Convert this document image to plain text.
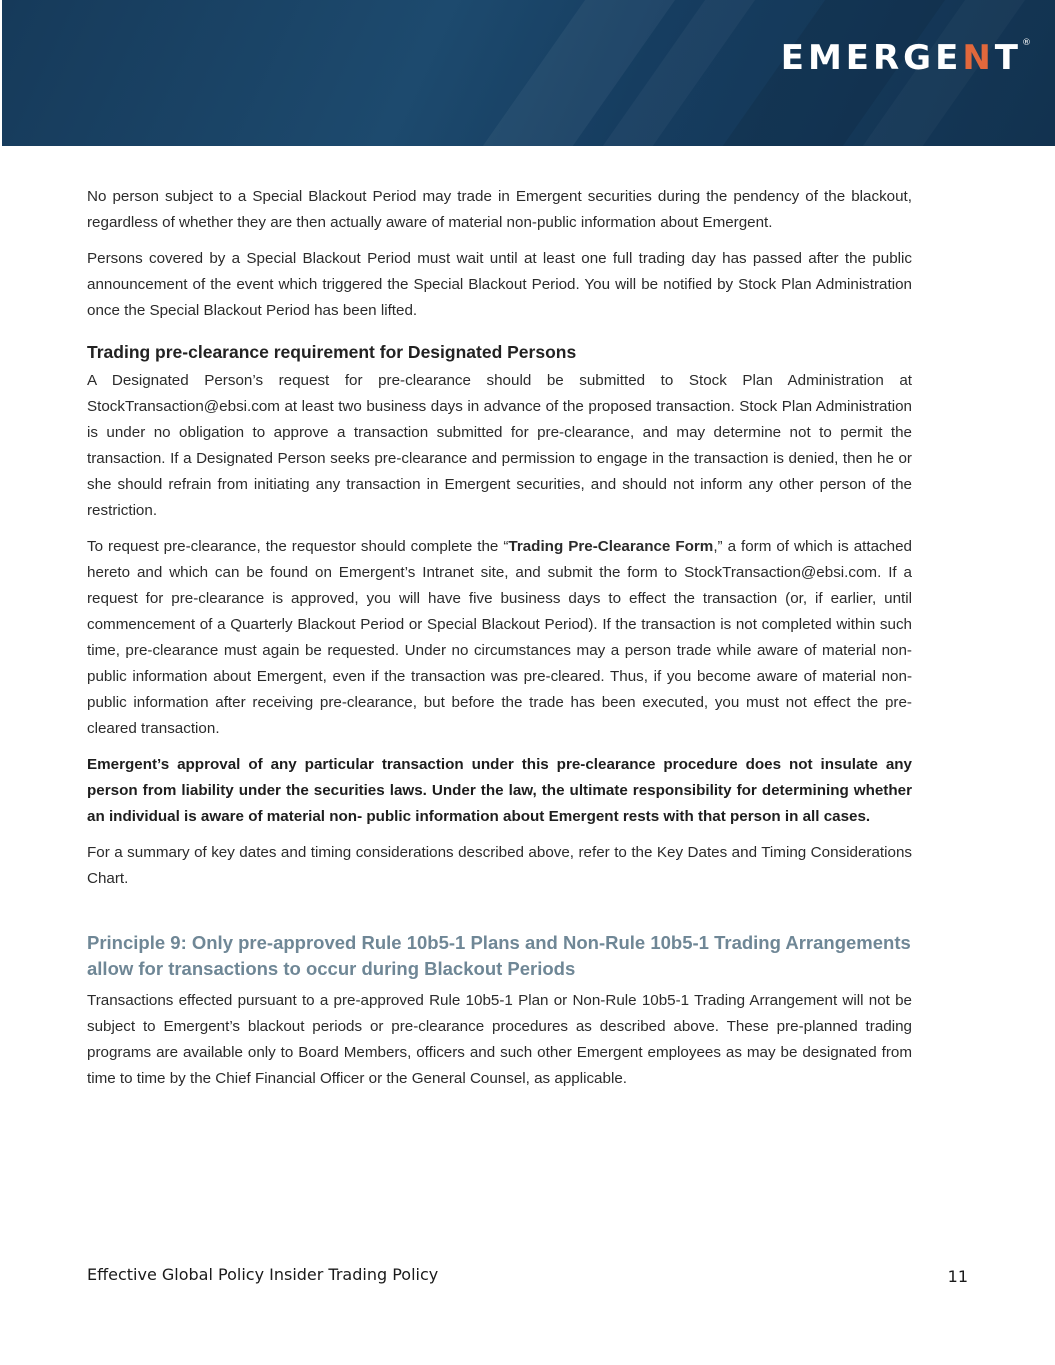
EMERGENT®

No person subject to a Special Blackout Period may trade in Emergent securities during the pendency of the blackout, regardless of whether they are then actually aware of material non-public information about Emergent.

Persons covered by a Special Blackout Period must wait until at least one full trading day has passed after the public announcement of the event which triggered the Special Blackout Period. You will be notified by Stock Plan Administration once the Special Blackout Period has been lifted.

Trading pre-clearance requirement for Designated Persons

A Designated Person’s request for pre-clearance should be submitted to Stock Plan Administration at StockTransaction@ebsi.com at least two business days in advance of the proposed transaction. Stock Plan Administration is under no obligation to approve a transaction submitted for pre-clearance, and may determine not to permit the transaction. If a Designated Person seeks pre-clearance and permission to engage in the transaction is denied, then he or she should refrain from initiating any transaction in Emergent securities, and should not inform any other person of the restriction.

To request pre-clearance, the requestor should complete the “Trading Pre-Clearance Form,” a form of which is attached hereto and which can be found on Emergent’s Intranet site, and submit the form to StockTransaction@ebsi.com. If a request for pre-clearance is approved, you will have five business days to effect the transaction (or, if earlier, until commencement of a Quarterly Blackout Period or Special Blackout Period). If the transaction is not completed within such time, pre-clearance must again be requested. Under no circumstances may a person trade while aware of material non-public information about Emergent, even if the transaction was pre-cleared. Thus, if you become aware of material non-public information after receiving pre-clearance, but before the trade has been executed, you must not effect the pre-cleared transaction.

Emergent’s approval of any particular transaction under this pre-clearance procedure does not insulate any person from liability under the securities laws. Under the law, the ultimate responsibility for determining whether an individual is aware of material non- public information about Emergent rests with that person in all cases.

For a summary of key dates and timing considerations described above, refer to the Key Dates and Timing Considerations Chart.

Principle 9: Only pre-approved Rule 10b5-1 Plans and Non-Rule 10b5-1 Trading Arrangements allow for transactions to occur during Blackout Periods

Transactions effected pursuant to a pre-approved Rule 10b5-1 Plan or Non-Rule 10b5-1 Trading Arrangement will not be subject to Emergent’s blackout periods or pre-clearance procedures as described above. These pre-planned trading programs are available only to Board Members, officers and such other Emergent employees as may be designated from time to time by the Chief Financial Officer or the General Counsel, as applicable.

Effective Global Policy Insider Trading Policy	11
